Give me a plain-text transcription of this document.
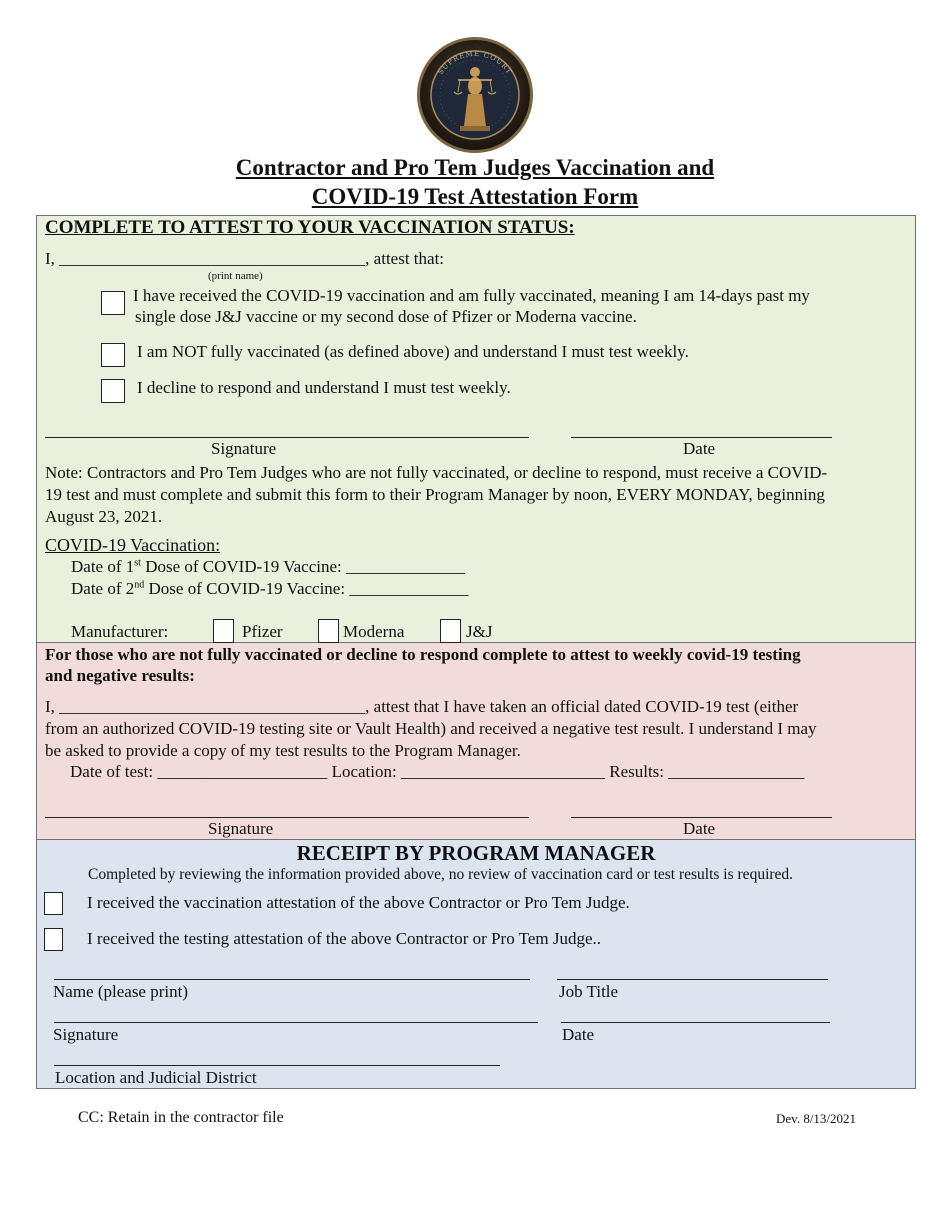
SUPREME COURT
Contractor and Pro Tem Judges Vaccination and
COVID-19 Test Attestation Form
COMPLETE TO ATTEST TO YOUR VACCINATION STATUS:
I, ____________________________________, attest that:
(print name)
I have received the COVID-19 vaccination and am fully vaccinated, meaning I am 14-days past my
single dose J&J vaccine or my second dose of Pfizer or Moderna vaccine.
I am NOT fully vaccinated (as defined above) and understand I must test weekly.
I decline to respond and understand I must test weekly.
Signature	Date
Note: Contractors and Pro Tem Judges who are not fully vaccinated, or decline to respond, must receive a COVID-
19 test and must complete and submit this form to their Program Manager by noon, EVERY MONDAY, beginning
August 23, 2021.
COVID-19 Vaccination:
Date of 1st Dose of COVID-19 Vaccine: ______________
Date of 2nd Dose of COVID-19 Vaccine: ______________
Manufacturer:	Pfizer	Moderna	J&J
For those who are not fully vaccinated or decline to respond complete to attest to weekly covid-19 testing
and negative results:
I, ____________________________________, attest that I have taken an official dated COVID-19 test (either
from an authorized COVID-19 testing site or Vault Health) and received a negative test result. I understand I may
be asked to provide a copy of my test results to the Program Manager.
Date of test: ____________________ Location: ________________________ Results: ________________
Signature	Date
RECEIPT BY PROGRAM MANAGER
Completed by reviewing the information provided above, no review of vaccination card or test results is required.
I received the vaccination attestation of the above Contractor or Pro Tem Judge.
I received the testing attestation of the above Contractor or Pro Tem Judge..
Name (please print)	Job Title
Signature	Date
Location and Judicial District
CC: Retain in the contractor file	Dev. 8/13/2021
